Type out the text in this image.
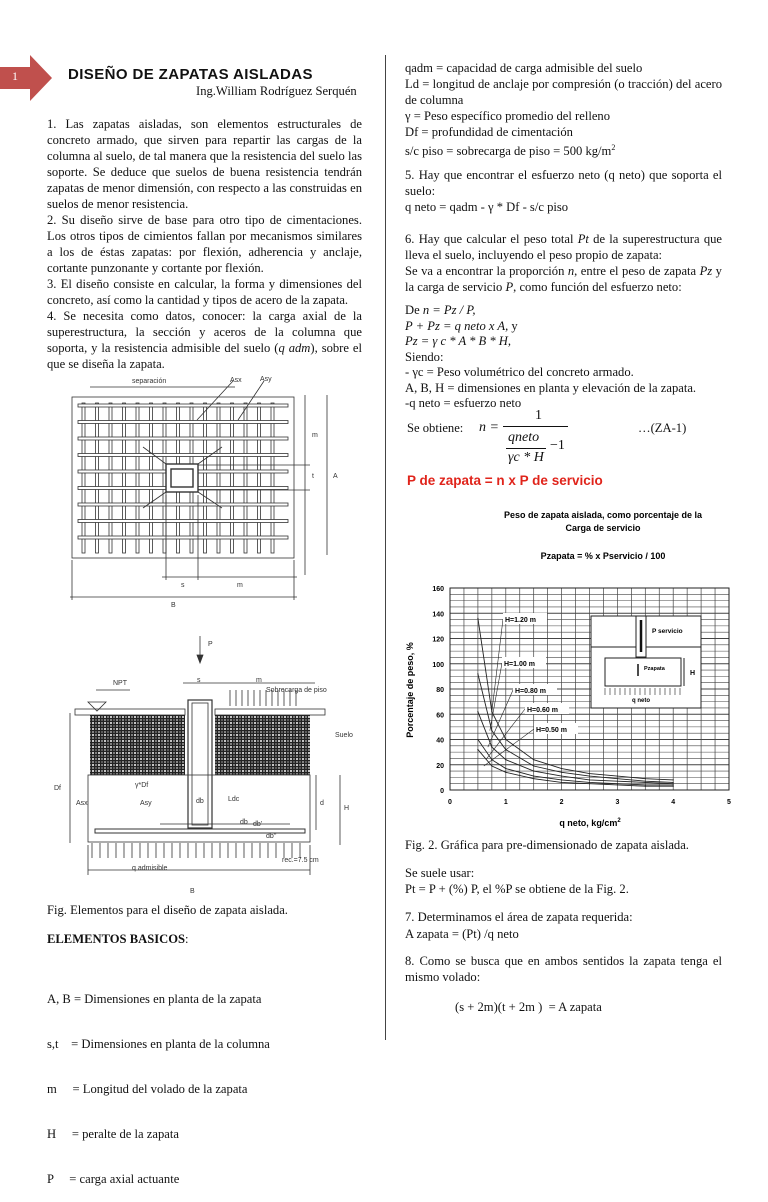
1	DISEÑO DE ZAPATAS AISLADAS
Ing.William Rodríguez Serquén

1. Las zapatas aisladas, son elementos estructurales de concreto armado, que sirven para repartir las cargas de la columna al suelo, de tal manera que la resistencia del suelo las soporte. Se deduce que suelos de buena resistencia tendrán zapatas de menor dimensión, con respecto a las construidas en suelos de menor resistencia.

2. Su diseño sirve de base para otro tipo de cimentaciones. Los otros tipos de cimientos fallan por mecanismos similares a los de éstas zapatas: por flexión, adherencia y anclaje, cortante punzonante y cortante por flexión.

3. El diseño consiste en calcular, la forma y dimensiones del concreto, así como la cantidad y tipos de acero de la zapata.

4. Se necesita como datos, conocer: la carga axial de la superestructura, la sección y aceros de la columna que soporta, y la resistencia admisible del suelo (q adm), sobre el que se diseña la zapata.

separación	Asx	Asy
m
t	A
s	m
B
P
NPT	s	m
Sobrecarga de piso
Suelo
Df	γ*Df
Asx	Asy	db	Ldc
d
H
db db'
db''
rec.=7.5 cm
q admisible
B
Fig. Elementos para el diseño de zapata aislada.
ELEMENTOS BASICOS:

A, B = Dimensiones en planta de la zapata

s,t    = Dimensiones en planta de la columna

m     = Longitud del volado de la zapata

H     = peralte de la zapata

P     = carga axial actuante

qadm = capacidad de carga admisible del suelo

Ld = longitud de anclaje por compresión (o tracción) del acero de columna

γ = Peso específico promedio del relleno

Df = profundidad de cimentación

s/c piso = sobrecarga de piso = 500 $kg/m^2$

5. Hay que encontrar el esfuerzo neto (q neto) que soporta el suelo:

q neto = qadm - γ * Df - s/c piso

6. Hay que calcular el peso total Pt de la superestructura que lleva el suelo, incluyendo el peso propio de zapata:

Se va a encontrar la proporción n, entre el peso de zapata Pz y la carga de servicio P, como función del esfuerzo neto:

De n = Pz / P,

P + Pz = q neto x A, y

Pz = γ c * A * B * H,

Siendo:

- γc = Peso volumétrico del concreto armado.

A, B, H = dimensiones en planta y elevación de la zapata.

-q neto = esfuerzo neto

Se obtiene: n =
1
qneto
−1
γc * H
…(ZA-1)
P de zapata = n x P de servicio
Peso de zapata aislada, como porcentaje de la
Carga de servicio
Pzapata = % x Pservicio / 100
0
20
40
60
80
100
120
140
160
0	1	2	3	4	5
Porcentaje de peso, %
q neto, $kg/cm^2$
H=1.20 m
H=1.00 m
H=0.80 m
H=0.60 m
H=0.50 m
P servicio
Pzapata
H
q neto
Fig. 2. Gráfica para pre-dimensionado de zapata aislada.
Se suele usar:
Pt = P + (%) P, el %P se obtiene de la Fig. 2.
7. Determinamos el área de zapata requerida:
A zapata = (Pt) /q neto
8. Como se busca que en ambos sentidos la zapata tenga el mismo volado:
(s + 2m)(t + 2m )  = A zapata
